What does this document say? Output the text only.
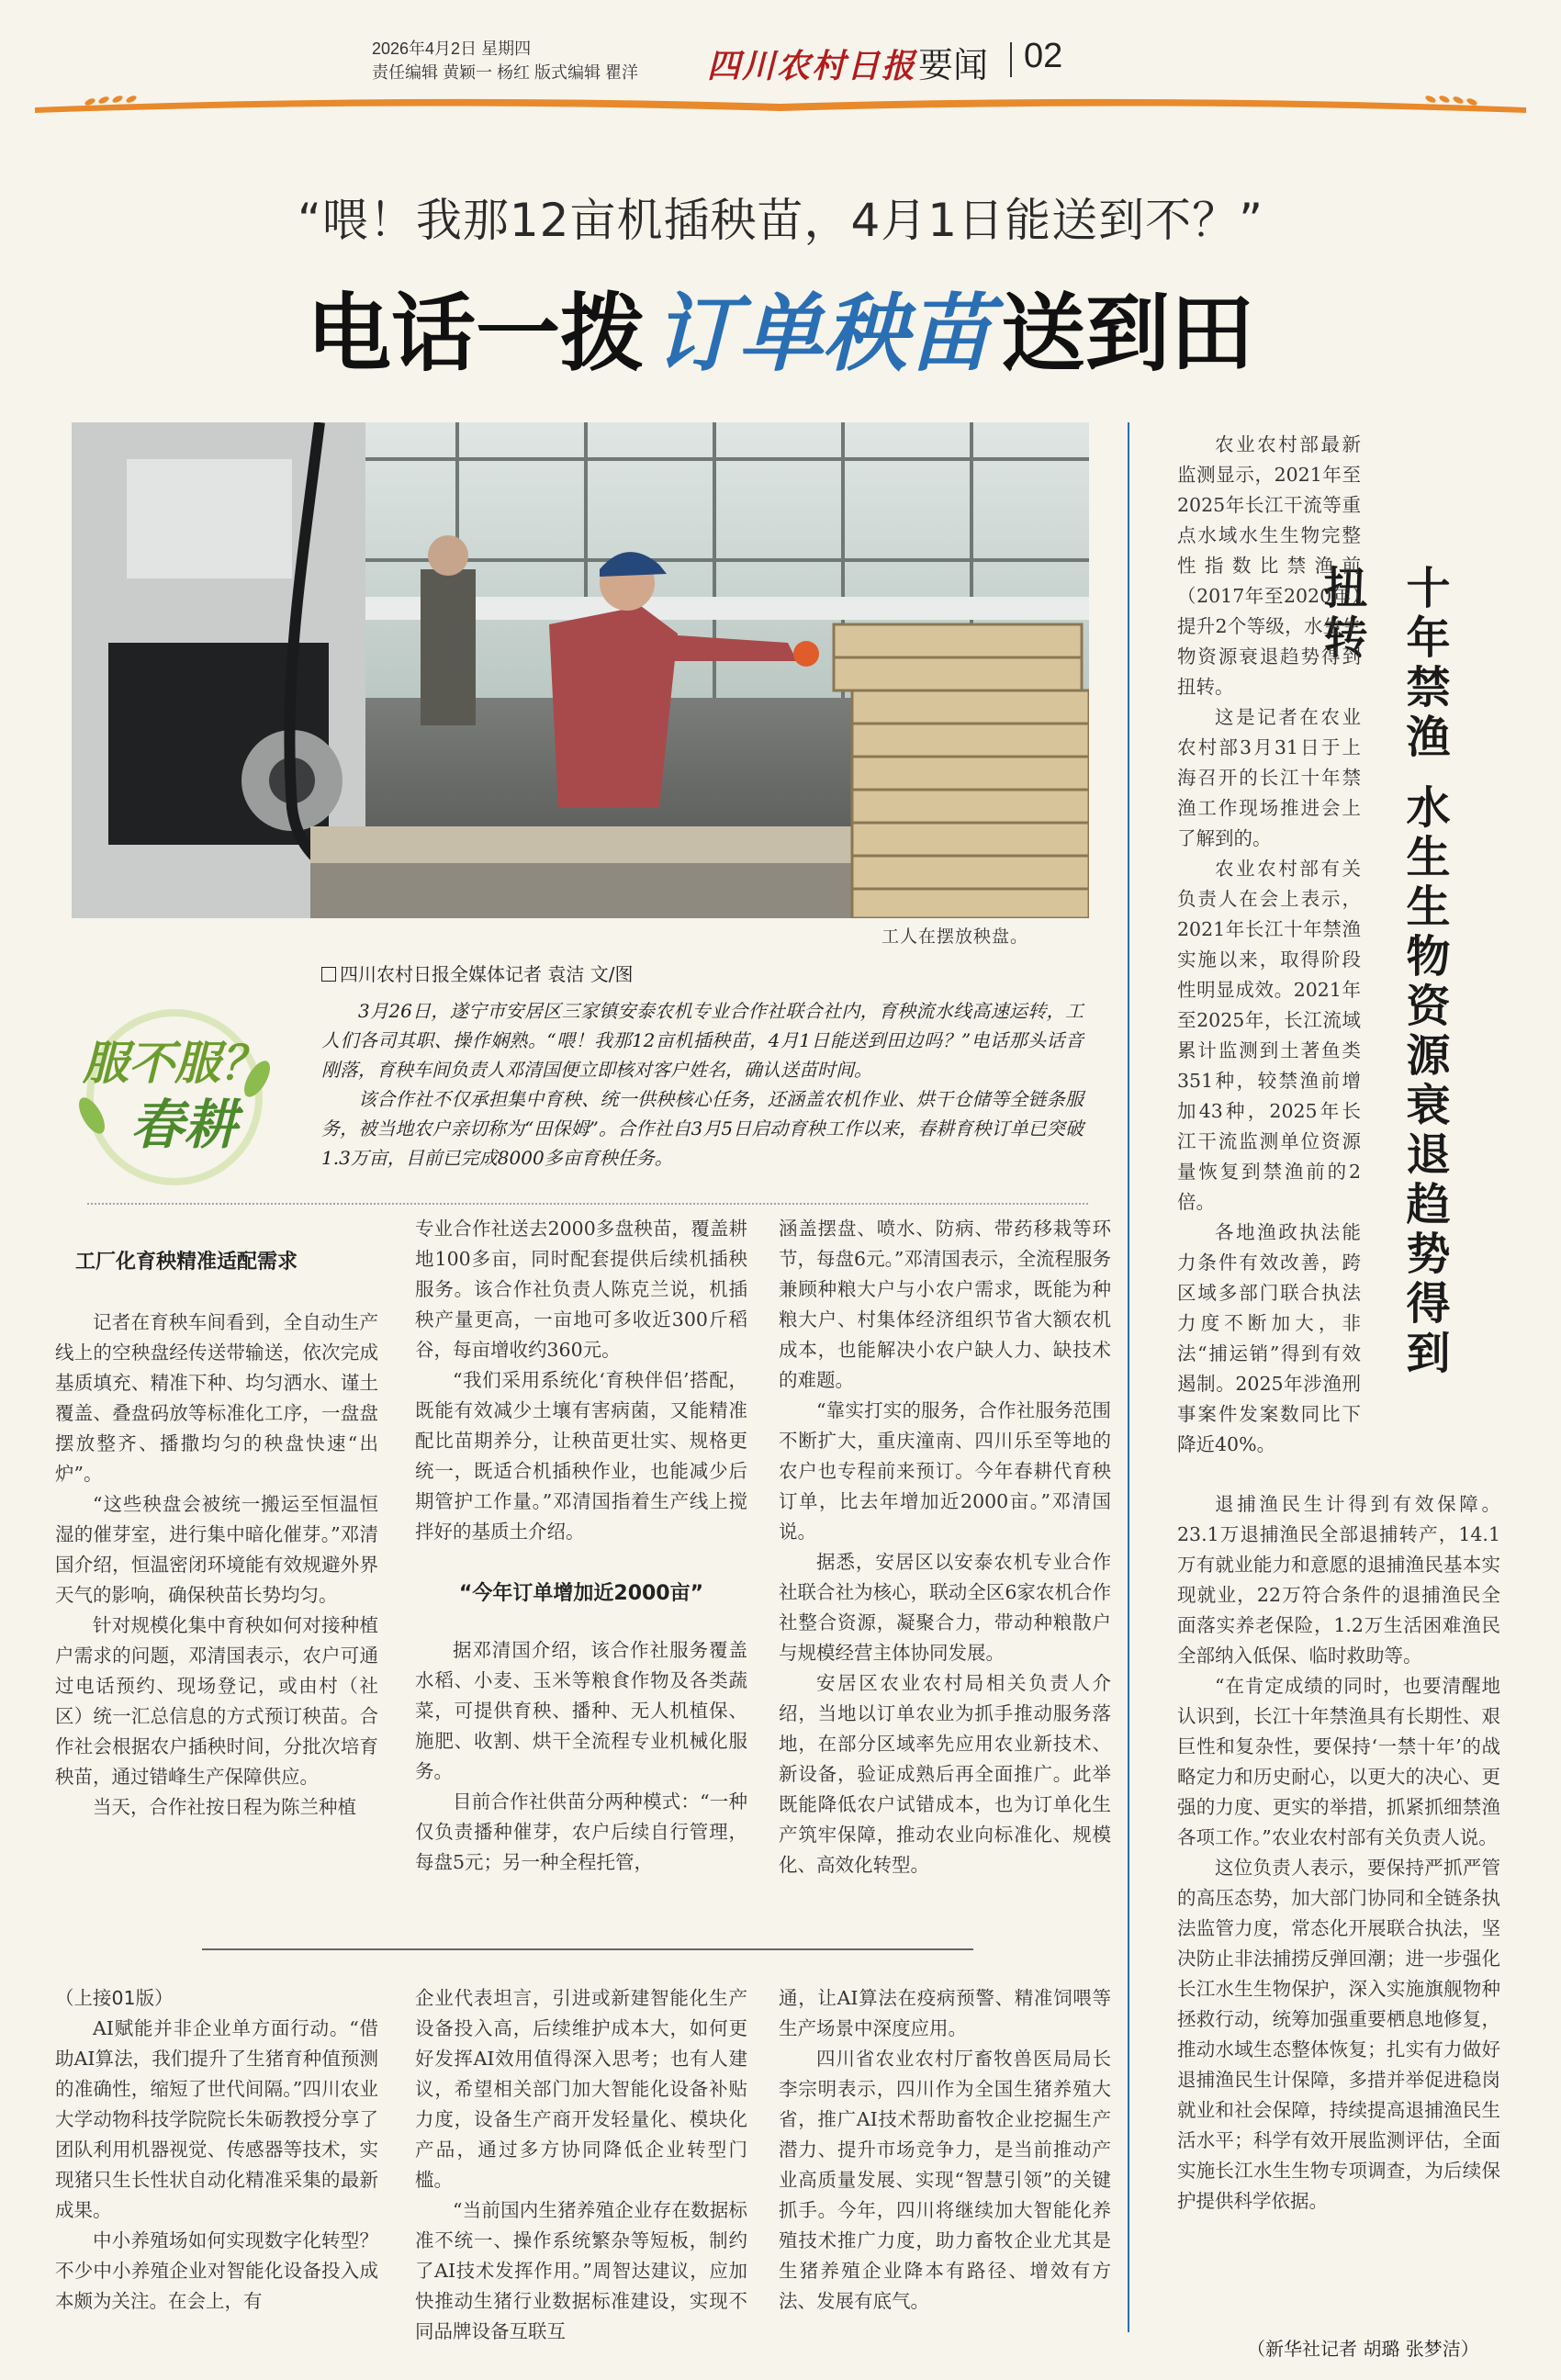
2026年4月2日 星期四
责任编辑 黄颖一 杨红 版式编辑 瞿洋 四川农村日报 要闻 02
“喂！我那12亩机插秧苗，4月1日能送到不？”
电话一拨 订单秧苗 送到田
工人在摆放秧盘。
四川农村日报全媒体记者 袁洁 文/图
服不服？
春耕

3月26日，遂宁市安居区三家镇安泰农机专业合作社联合社内，育秧流水线高速运转，工人们各司其职、操作娴熟。“喂！我那12亩机插秧苗，4月1日能送到田边吗？”电话那头话音刚落，育秧车间负责人邓清国便立即核对客户姓名，确认送苗时间。

该合作社不仅承担集中育秧、统一供秧核心任务，还涵盖农机作业、烘干仓储等全链条服务，被当地农户亲切称为“田保姆”。合作社自3月5日启动育秧工作以来，春耕育秧订单已突破1.3万亩，目前已完成8000多亩育秧任务。

工厂化育秧精准适配需求

记者在育秧车间看到，全自动生产线上的空秧盘经传送带输送，依次完成基质填充、精准下种、均匀洒水、谨土覆盖、叠盘码放等标准化工序，一盘盘摆放整齐、播撒均匀的秧盘快速“出炉”。

“这些秧盘会被统一搬运至恒温恒湿的催芽室，进行集中暗化催芽。”邓清国介绍，恒温密闭环境能有效规避外界天气的影响，确保秧苗长势均匀。

针对规模化集中育秧如何对接种植户需求的问题，邓清国表示，农户可通过电话预约、现场登记，或由村（社区）统一汇总信息的方式预订秧苗。合作社会根据农户插秧时间，分批次培育秧苗，通过错峰生产保障供应。

当天，合作社按日程为陈兰种植

专业合作社送去2000多盘秧苗，覆盖耕地100多亩，同时配套提供后续机插秧服务。该合作社负责人陈克兰说，机插秧产量更高，一亩地可多收近300斤稻谷，每亩增收约360元。

“我们采用系统化‘育秧伴侣’搭配，既能有效减少土壤有害病菌，又能精准配比苗期养分，让秧苗更壮实、规格更统一，既适合机插秧作业，也能减少后期管护工作量。”邓清国指着生产线上搅拌好的基质土介绍。

“今年订单增加近2000亩”

据邓清国介绍，该合作社服务覆盖水稻、小麦、玉米等粮食作物及各类蔬菜，可提供育秧、播种、无人机植保、施肥、收割、烘干全流程专业机械化服务。

目前合作社供苗分两种模式：“一种仅负责播种催芽，农户后续自行管理，每盘5元；另一种全程托管，

涵盖摆盘、喷水、防病、带药移栽等环节，每盘6元。”邓清国表示，全流程服务兼顾种粮大户与小农户需求，既能为种粮大户、村集体经济组织节省大额农机成本，也能解决小农户缺人力、缺技术的难题。

“靠实打实的服务，合作社服务范围不断扩大，重庆潼南、四川乐至等地的农户也专程前来预订。今年春耕代育秧订单，比去年增加近2000亩。”邓清国说。

据悉，安居区以安泰农机专业合作社联合社为核心，联动全区6家农机合作社整合资源，凝聚合力，带动种粮散户与规模经营主体协同发展。

安居区农业农村局相关负责人介绍，当地以订单农业为抓手推动服务落地，在部分区域率先应用农业新技术、新设备，验证成熟后再全面推广。此举既能降低农户试错成本，也为订单化生产筑牢保障，推动农业向标准化、规模化、高效化转型。

（上接01版）

AI赋能并非企业单方面行动。“借助AI算法，我们提升了生猪育种值预测的准确性，缩短了世代间隔。”四川农业大学动物科技学院院长朱砺教授分享了团队利用机器视觉、传感器等技术，实现猪只生长性状自动化精准采集的最新成果。

中小养殖场如何实现数字化转型？不少中小养殖企业对智能化设备投入成本颇为关注。在会上，有

企业代表坦言，引进或新建智能化生产设备投入高，后续维护成本大，如何更好发挥AI效用值得深入思考；也有人建议，希望相关部门加大智能化设备补贴力度，设备生产商开发轻量化、模块化产品，通过多方协同降低企业转型门槛。

“当前国内生猪养殖企业存在数据标准不统一、操作系统繁杂等短板，制约了AI技术发挥作用。”周智达建议，应加快推动生猪行业数据标准建设，实现不同品牌设备互联互

通，让AI算法在疫病预警、精准饲喂等生产场景中深度应用。

四川省农业农村厅畜牧兽医局局长李宗明表示，四川作为全国生猪养殖大省，推广AI技术帮助畜牧企业挖掘生产潜力、提升市场竞争力，是当前推动产业高质量发展、实现“智慧引领”的关键抓手。今年，四川将继续加大智能化养殖技术推广力度，助力畜牧企业尤其是生猪养殖企业降本有路径、增效有方法、发展有底气。

十年禁渔 水生生物资源衰退趋势得到扭转

农业农村部最新监测显示，2021年至2025年长江干流等重点水域水生生物完整性指数比禁渔前（2017年至2020年）提升2个等级，水生生物资源衰退趋势得到扭转。

这是记者在农业农村部3月31日于上海召开的长江十年禁渔工作现场推进会上了解到的。

农业农村部有关负责人在会上表示，2021年长江十年禁渔实施以来，取得阶段性明显成效。2021年至2025年，长江流域累计监测到土著鱼类351种，较禁渔前增加43种，2025年长江干流监测单位资源量恢复到禁渔前的2倍。

各地渔政执法能力条件有效改善，跨区域多部门联合执法力度不断加大，非法“捕运销”得到有效遏制。2025年涉渔刑事案件发案数同比下降近40%。

退捕渔民生计得到有效保障。23.1万退捕渔民全部退捕转产，14.1万有就业能力和意愿的退捕渔民基本实现就业，22万符合条件的退捕渔民全面落实养老保险，1.2万生活困难渔民全部纳入低保、临时救助等。

“在肯定成绩的同时，也要清醒地认识到，长江十年禁渔具有长期性、艰巨性和复杂性，要保持‘一禁十年’的战略定力和历史耐心，以更大的决心、更强的力度、更实的举措，抓紧抓细禁渔各项工作。”农业农村部有关负责人说。

这位负责人表示，要保持严抓严管的高压态势，加大部门协同和全链条执法监管力度，常态化开展联合执法，坚决防止非法捕捞反弹回潮；进一步强化长江水生生物保护，深入实施旗舰物种拯救行动，统筹加强重要栖息地修复，推动水域生态整体恢复；扎实有力做好退捕渔民生计保障，多措并举促进稳岗就业和社会保障，持续提高退捕渔民生活水平；科学有效开展监测评估，全面实施长江水生生物专项调查，为后续保护提供科学依据。

（新华社记者 胡璐 张梦洁）
